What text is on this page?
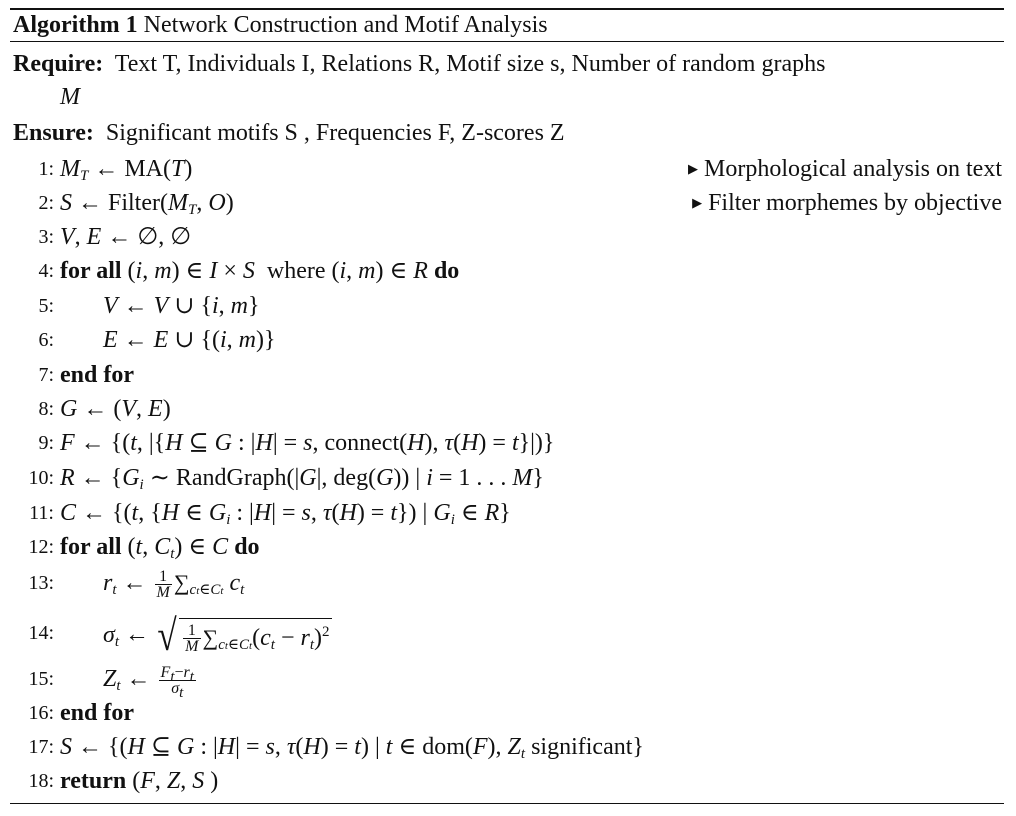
Algorithm 1 Network Construction and Motif Analysis
Require: Text T, Individuals I, Relations R, Motif size s, Number of random graphs
M
Ensure: Significant motifs S , Frequencies F, Z-scores Z
1: $M_T$ ← MA(T)	▶ Morphological analysis on text
2: S ← $Filter(M_T$, O)	▶ Filter morphemes by objective
3: V, E ← ∅, ∅
4: for all (i, m) ∈ I × S  where (i, m) ∈ R do
5: V ← V ∪ {i, m}
6: E ← E ∪ {(i, m)}
7: end for
8: G ← (V, E)
9: F ← {(t, |{H ⊆ G : |H| = s, connect(H), τ(H) = t}|)}
10: R ← {$G_i$ ∼ RandGraph(|G|, deg(G)) | i = 1 . . . M}
11: C ← {(t, {H ∈ $G_i$ : |H| = s, τ(H) = t}) | $G_i$ ∈ R}
12: for all (t, $C_t$) ∈ C do
13: $r_t$ ← $\frac{1}{M} \sum_{ct\in Ct}$ $c_t$
14: $\sigma_t$ ← √ $\frac{1}{M} \sum_{ct\in Ct}(c_t - r_t)^2$
15: $Z_t$ ← $\frac{F_t-r_t}{\sigma_t}$
16: end for
17: S ← {(H ⊆ G : |H| = s, τ(H) = t) | t ∈ dom(F), $Z_t$ significant}
18: return (F, Z, S )
